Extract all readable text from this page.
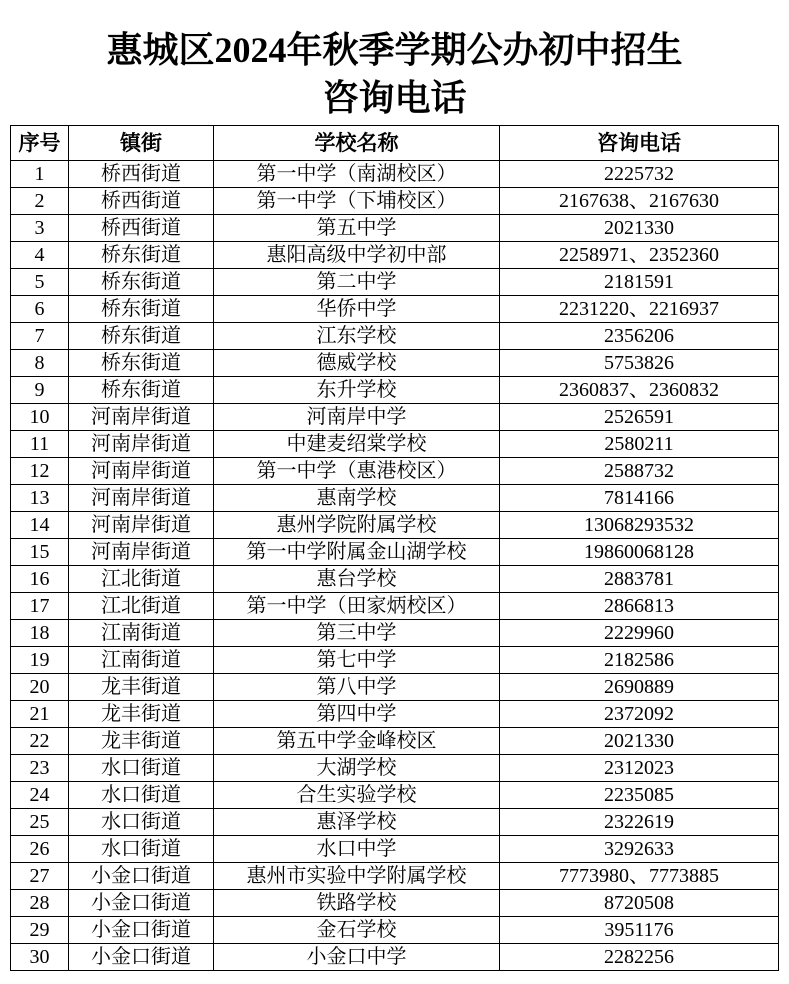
惠城区2024年秋季学期公办初中招生
咨询电话
序号	镇街	学校名称	咨询电话
1	桥西街道	第一中学（南湖校区）	2225732
2	桥西街道	第一中学（下埔校区）	2167638、2167630
3	桥西街道	第五中学	2021330
4	桥东街道	惠阳高级中学初中部	2258971、2352360
5	桥东街道	第二中学	2181591
6	桥东街道	华侨中学	2231220、2216937
7	桥东街道	江东学校	2356206
8	桥东街道	德威学校	5753826
9	桥东街道	东升学校	2360837、2360832
10	河南岸街道	河南岸中学	2526591
11	河南岸街道	中建麦绍棠学校	2580211
12	河南岸街道	第一中学（惠港校区）	2588732
13	河南岸街道	惠南学校	7814166
14	河南岸街道	惠州学院附属学校	13068293532
15	河南岸街道	第一中学附属金山湖学校	19860068128
16	江北街道	惠台学校	2883781
17	江北街道	第一中学（田家炳校区）	2866813
18	江南街道	第三中学	2229960
19	江南街道	第七中学	2182586
20	龙丰街道	第八中学	2690889
21	龙丰街道	第四中学	2372092
22	龙丰街道	第五中学金峰校区	2021330
23	水口街道	大湖学校	2312023
24	水口街道	合生实验学校	2235085
25	水口街道	惠泽学校	2322619
26	水口街道	水口中学	3292633
27	小金口街道	惠州市实验中学附属学校	7773980、7773885
28	小金口街道	铁路学校	8720508
29	小金口街道	金石学校	3951176
30	小金口街道	小金口中学	2282256
